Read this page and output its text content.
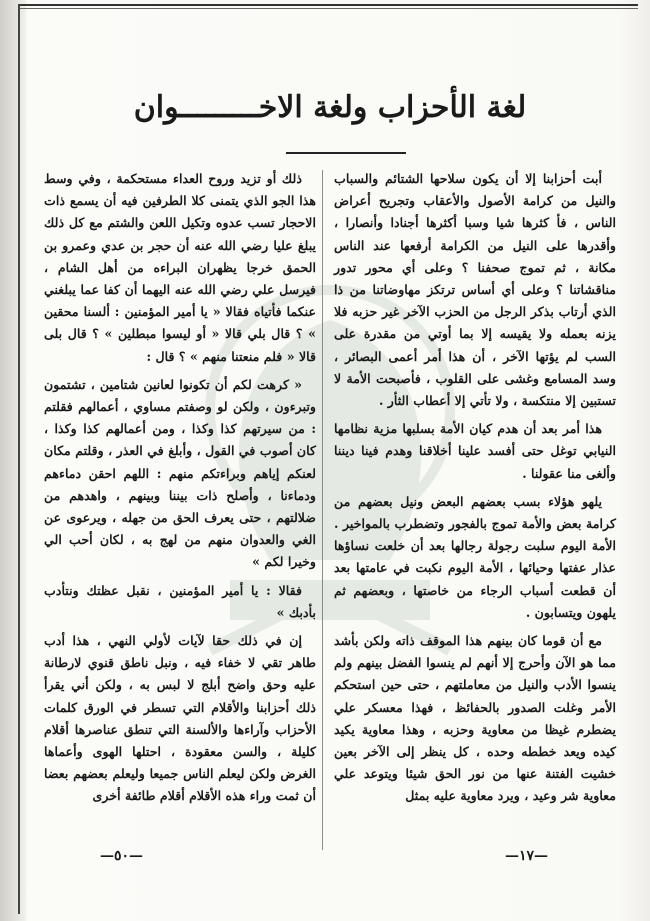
لغة الأحزاب ولغة الاخـــــــــوان

أبت أحزابنا إلا أن يكون سلاحها الشتائم والسباب والنيل من كرامة الأصول والأعقاب وتجريح أعراض الناس ، فأ كثرها شيا وسبا أكثرها أجنادا وأنصارا ، وأقدرها على النيل من الكرامة أرفعها عند الناس مكانة ، ثم تموج صحفنا ؟ وعلى أي محور تدور مناقشاتنا ؟ وعلى أي أساس ترتكز مهاوضاتنا من ذا الذي أرتاب بذكر الرجل من الحزب الآخر غير حزبه فلا يزنه بعمله ولا يقيسه إلا بما أوتي من مقدرة على السب لم يؤتها الآخر ، أن هذا أمر أعمى البصائر ، وسد المسامع وغشى على القلوب ، فأصبحت الأمة لا تستبين إلا منتكسة ، ولا تأتي إلا أعطاب الثأر .

هذا أمر بعد أن هدم كيان الأمة بسلبها مزية نظامها النيابي توغل حتى أفسد علينا أخلاقنا وهدم فينا ديننا وألغى منا عقولنا .

يلهو هؤلاء بسب بعضهم البعض ونيل بعضهم من كرامة بعض والأمة تموج بالفجور وتضطرب بالمواخير . الأمة اليوم سلبت رجولة رجالها بعد أن خلعت نساؤها عذار عفتها وحيائها ، الأمة اليوم نكبت في عامتها بعد أن قطعت أسباب الرجاء من خاصتها ، وبعضهم ثم يلهون ويتسابون .

مع أن قوما كان بينهم هذا الموقف ذاته ولكن بأشد مما هو الآن وأحرج إلا أنهم لم ينسوا الفضل بينهم ولم ينسوا الأدب والنيل من معاملتهم ، حتى حين استحكم الأمر وغلت الصدور بالحفائظ ، فهذا معسكر علي يضطرم غيظا من معاوية وحزبه ، وهذا معاوية يكيد كيده ويعد خططه وحده ، كل ينظر إلى الآخر بعين خشيت الفتنة عنها من نور الحق شيئا ويتوعد علي معاوية شر وعيد ، ويرد معاوية عليه بمثل

ذلك أو تزيد وروح العداء مستحكمة ، وفي وسط هذا الجو الذي يتمنى كلا الطرفين فيه أن يسمع ذات الاحجار تسب عدوه وتكيل اللعن والشتم مع كل ذلك يبلغ عليا رضي الله عنه أن حجر بن عدي وعمرو بن الحمق خرجا يظهران البراءه من أهل الشام ، فيرسل علي رضي الله عنه اليهما أن كفا عما يبلغني عنكما فأتياه فقالا « يا أمير المؤمنين : ألسنا محقين » ؟ قال بلي قالا « أو ليسوا مبطلين » ؟ قال بلى قالا « فلم منعتنا منهم » ؟ قال :

« كرهت لكم أن تكونوا لعانين شتامين ، تشتمون وتبرءون ، ولكن لو وصفتم مساوي ، أعمالهم فقلتم : من سيرتهم كذا وكذا ، ومن أعمالهم كذا وكذا ، كان أصوب في القول ، وأبلغ في العذر ، وقلتم مكان لعنكم إياهم وبراءتكم منهم : اللهم احقن دماءهم ودماءنا ، وأصلح ذات بيننا وبينهم ، واهدهم من ضلالتهم ، حتى يعرف الحق من جهله ، ويرعوى عن الغي والعدوان منهم من لهج به ، لكان أحب الي وخيرا لكم »

فقالا : يا أمير المؤمنين ، نقبل عظتك ونتأدب بأدبك »

إن في ذلك حقا لآيات لأولي النهي ، هذا أدب طاهر تقي لا خفاء فيه ، ونبل ناطق قنوي لارطانة عليه وحق واضح أبلج لا لبس به ، ولكن أني يقرأ ذلك أحزابنا والأقلام التي تسطر في الورق كلمات الأحزاب وآراءها والألسنة التي تنطق عناصرها أقلام كليلة ، والسن معقودة ، احتلها الهوى وأعماها الغرض ولكن ليعلم الناس جميعا وليعلم بعضهم بعضا أن ثمت وراء هذه الأقلام أقلام طائفة أخرى

—٥٠—	—١٧—
